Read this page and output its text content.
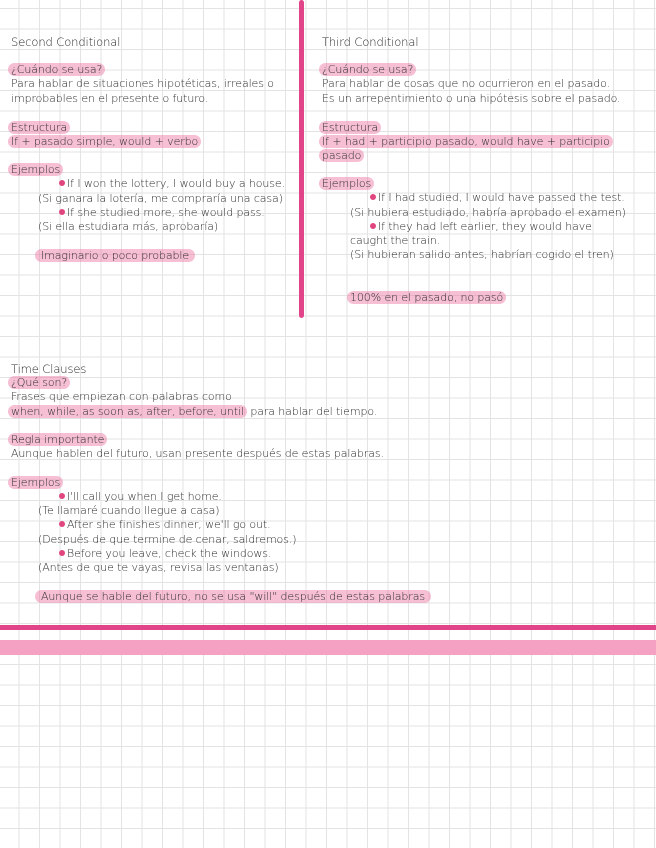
Second Conditional
¿Cuándo se usa?
Para hablar de situaciones hipotéticas, irreales o
improbables en el presente o futuro.
Estructura
If + pasado simple, would + verbo
Ejemplos
If I won the lottery, I would buy a house.
(Si ganara la lotería, me compraría una casa)
If she studied more, she would pass.
(Si ella estudiara más, aprobaría)
Imaginario o poco probable
Third Conditional
¿Cuándo se usa?
Para hablar de cosas que no ocurrieron en el pasado.
Es un arrepentimiento o una hipótesis sobre el pasado.
Estructura
If + had + participio pasado, would have + participio
pasado
Ejemplos
If I had studied, I would have passed the test.
(Si hubiera estudiado, habría aprobado el examen)
If they had left earlier, they would have
caught the train.
(Si hubieran salido antes, habrían cogido el tren)
100% en el pasado, no pasó
Time Clauses
¿Qué son?
Frases que empiezan con palabras como
when, while, as soon as, after, before, until para hablar del tiempo.
Regla importante
Aunque hablen del futuro, usan presente después de estas palabras.
Ejemplos
I'll call you when I get home.
(Te llamaré cuando llegue a casa)
After she finishes dinner, we'll go out.
(Después de que termine de cenar, saldremos.)
Before you leave, check the windows.
(Antes de que te vayas, revisa las ventanas)
Aunque se hable del futuro, no se usa "will" después de estas palabras
